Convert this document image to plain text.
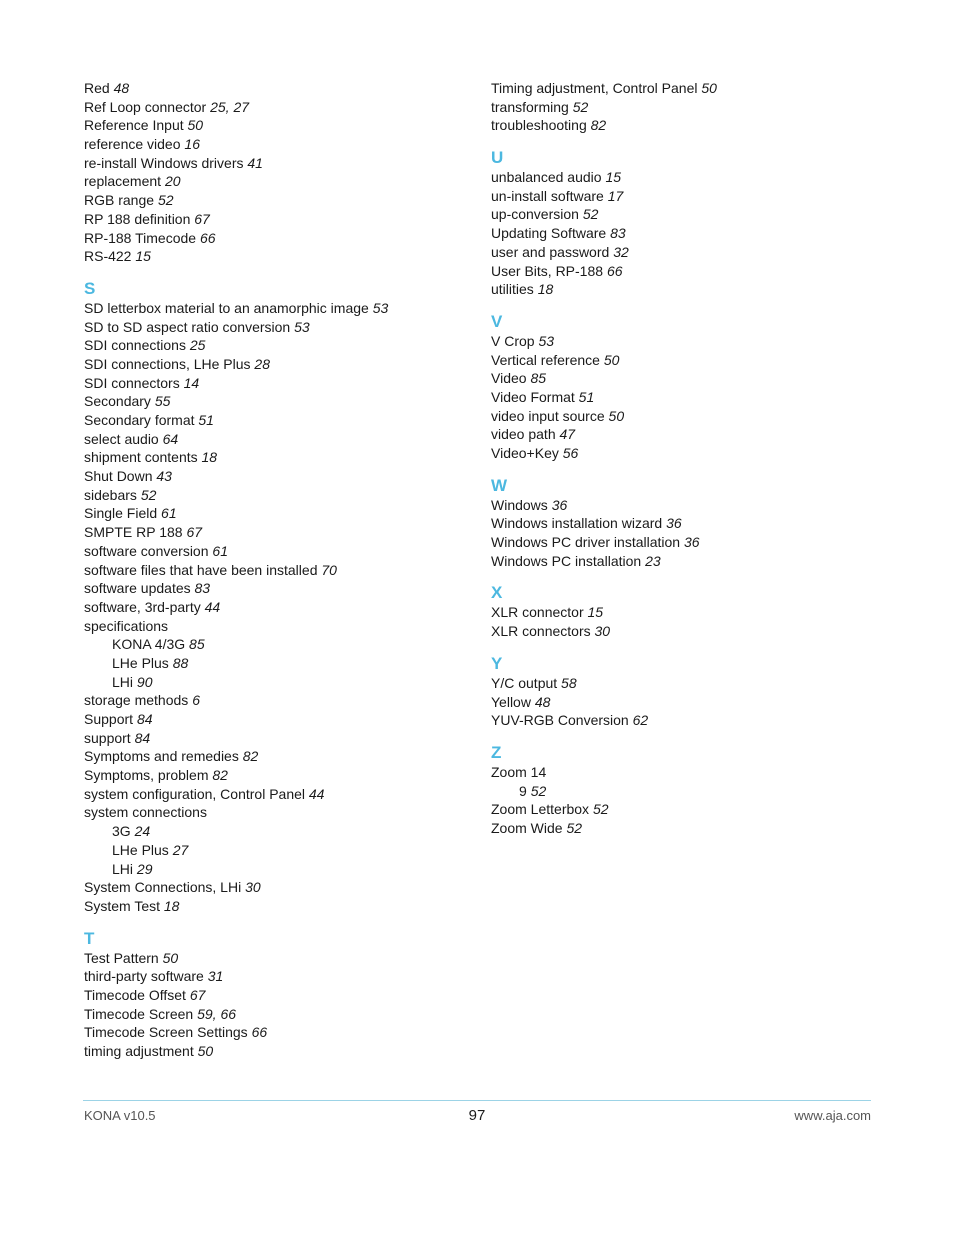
Red 48
Ref Loop connector 25, 27
Reference Input 50
reference video 16
re-install Windows drivers 41
replacement 20
RGB range 52
RP 188 definition 67
RP-188 Timecode 66
RS-422 15
S
SD letterbox material to an anamorphic image 53
SD to SD aspect ratio conversion 53
SDI connections 25
SDI connections, LHe Plus 28
SDI connectors 14
Secondary 55
Secondary format 51
select audio 64
shipment contents 18
Shut Down 43
sidebars 52
Single Field 61
SMPTE RP 188 67
software conversion 61
software files that have been installed 70
software updates 83
software, 3rd-party 44
specifications
KONA 4/3G 85
LHe Plus 88
LHi 90
storage methods 6
Support 84
support 84
Symptoms and remedies 82
Symptoms, problem 82
system configuration, Control Panel 44
system connections
3G 24
LHe Plus 27
LHi 29
System Connections, LHi 30
System Test 18
T
Test Pattern 50
third-party software 31
Timecode Offset 67
Timecode Screen 59, 66
Timecode Screen Settings 66
timing adjustment 50
Timing adjustment, Control Panel 50
transforming 52
troubleshooting 82
U
unbalanced audio 15
un-install software 17
up-conversion 52
Updating Software 83
user and password 32
User Bits, RP-188 66
utilities 18
V
V Crop 53
Vertical reference 50
Video 85
Video Format 51
video input source 50
video path 47
Video+Key 56
W
Windows 36
Windows installation wizard 36
Windows PC driver installation 36
Windows PC installation 23
X
XLR connector 15
XLR connectors 30
Y
Y/C output 58
Yellow 48
YUV-RGB Conversion 62
Z
Zoom 14
9 52
Zoom Letterbox 52
Zoom Wide 52
KONA v10.5	97	www.aja.com
